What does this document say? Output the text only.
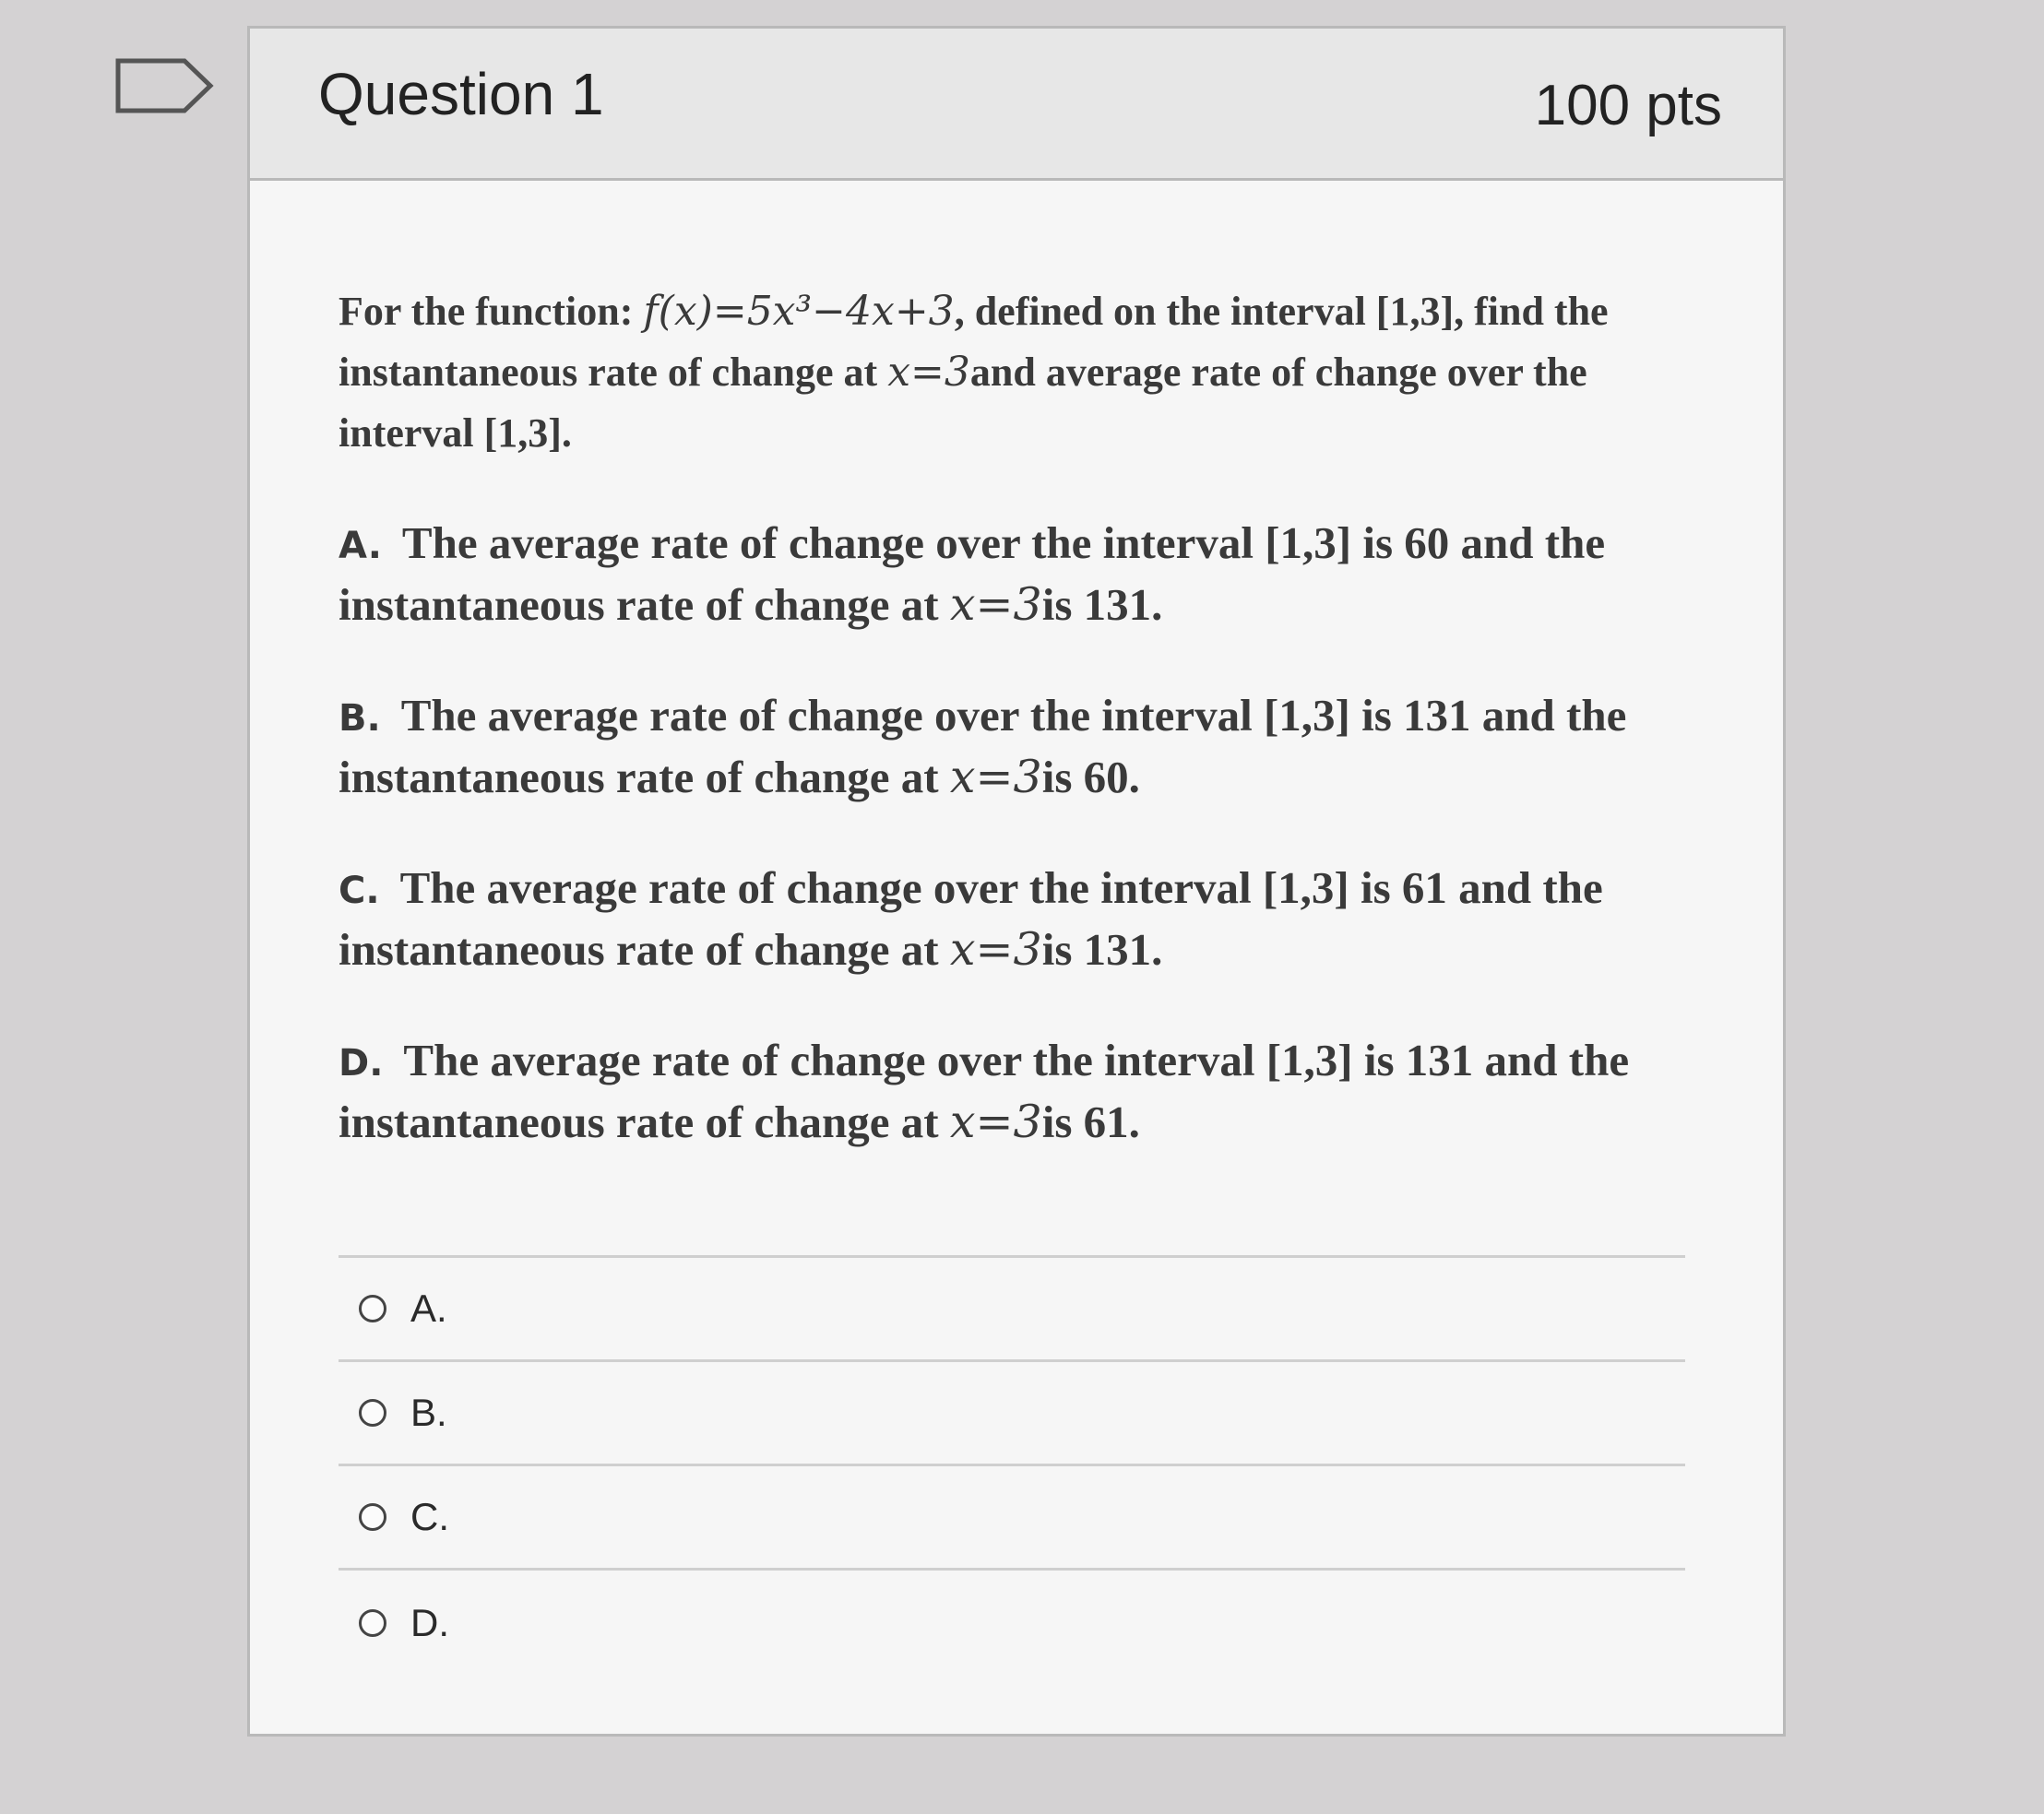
Question 1	100 pts

For the function: f(x)=5x³−4x+3, defined on the interval [1,3], find the instantaneous rate of change at x=3and average rate of change over the interval [1,3].

A. The average rate of change over the interval [1,3] is 60 and the instantaneous rate of change at x=3is 131.

B. The average rate of change over the interval [1,3] is 131 and the instantaneous rate of change at x=3is 60.

C. The average rate of change over the interval [1,3] is 61 and the instantaneous rate of change at x=3is 131.

D. The average rate of change over the interval [1,3] is 131 and the instantaneous rate of change at x=3is 61.

A.
B.
C.
D.
